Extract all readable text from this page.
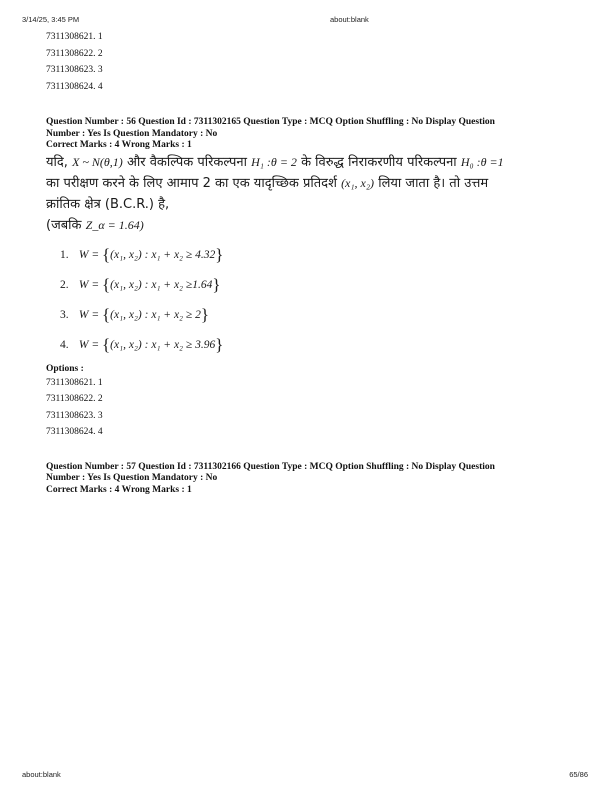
3/14/25, 3:45 PM	about:blank
7311308621. 1
7311308622. 2
7311308623. 3
7311308624. 4
Question Number : 56 Question Id : 7311302165 Question Type : MCQ Option Shuffling : No Display Question
Number : Yes Is Question Mandatory : No
Correct Marks : 4 Wrong Marks : 1
यदि, X ~ N(θ,1) और वैकल्पिक परिकल्पना H₁ :θ = 2 के विरुद्ध निराकरणीय परिकल्पना H₀ :θ =1
का परीक्षण करने के लिए आमाप 2 का एक यादृच्छिक प्रतिदर्श (x₁, x₂) लिया जाता है। तो उत्तम
क्रांतिक क्षेत्र (B.C.R.) है,
(जबकि Z_α = 1.64)
1. W = {(x₁, x₂) : x₁ + x₂ ≥ 4.32}
2. W = {(x₁, x₂) : x₁ + x₂ ≥1.64}
3. W = {(x₁, x₂) : x₁ + x₂ ≥ 2}
4. W = {(x₁, x₂) : x₁ + x₂ ≥ 3.96}
Options :
7311308621. 1
7311308622. 2
7311308623. 3
7311308624. 4
Question Number : 57 Question Id : 7311302166 Question Type : MCQ Option Shuffling : No Display Question
Number : Yes Is Question Mandatory : No
Correct Marks : 4 Wrong Marks : 1
about:blank	65/86
